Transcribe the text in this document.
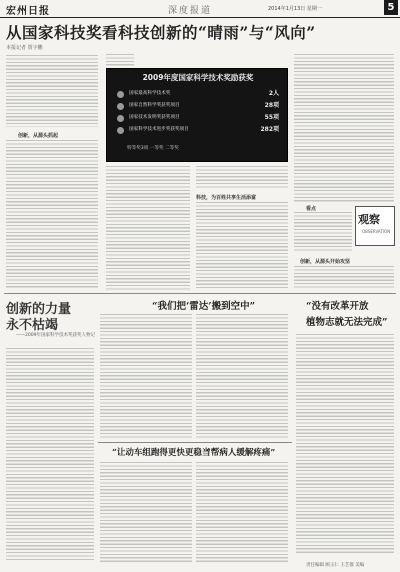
宏州日报	深度报道	2014年1月13日 星期一	5
从国家科技奖看科技创新的“晴雨”与“风向”
本报记者 贾宇鹏
创新，从源头抓起
2009年度国家科学技术奖励获奖
国家最高科学技术奖	2人
国家自然科学奖获奖项目	28项
国家技术发明奖获奖项目	55项
国家科学技术进步奖获奖项目	282项
特等奖3项 一等奖 二等奖
科技，为百姓共享生活添富
看点
观察
OBSERVATION
创新，从源头开始攻坚
创新的力量
永不枯竭
——2009年国家科学技术奖获奖人物记
“我们把‘雷达’搬到空中”	“没有改革开放
植物志就无法完成”
“让动车组跑得更快更稳当”
“帮病人缓解疼痛”
责任编辑 顾玉仁 王艺群 美编
